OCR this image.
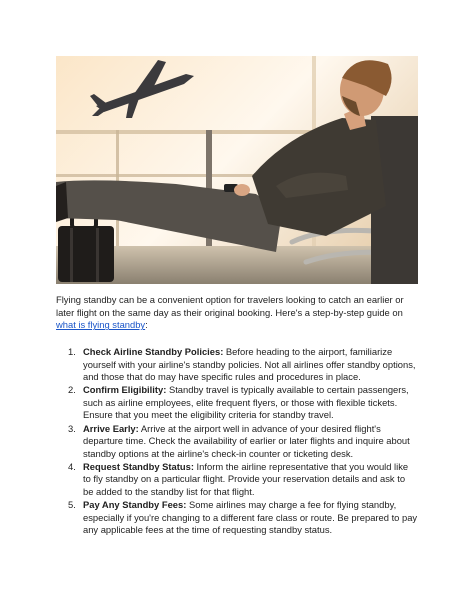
Flying standby can be a convenient option for travelers looking to catch an earlier or later flight on the same day as their original booking. Here's a step-by-step guide on what is flying standby:

1. Check Airline Standby Policies: Before heading to the airport, familiarize yourself with your airline's standby policies. Not all airlines offer standby options, and those that do may have specific rules and procedures in place.
2. Confirm Eligibility: Standby travel is typically available to certain passengers, such as airline employees, elite frequent flyers, or those with flexible tickets. Ensure that you meet the eligibility criteria for standby travel.
3. Arrive Early: Arrive at the airport well in advance of your desired flight's departure time. Check the availability of earlier or later flights and inquire about standby options at the airline's check-in counter or ticketing desk.
4. Request Standby Status: Inform the airline representative that you would like to fly standby on a particular flight. Provide your reservation details and ask to be added to the standby list for that flight.
5. Pay Any Standby Fees: Some airlines may charge a fee for flying standby, especially if you're changing to a different fare class or route. Be prepared to pay any applicable fees at the time of requesting standby status.
